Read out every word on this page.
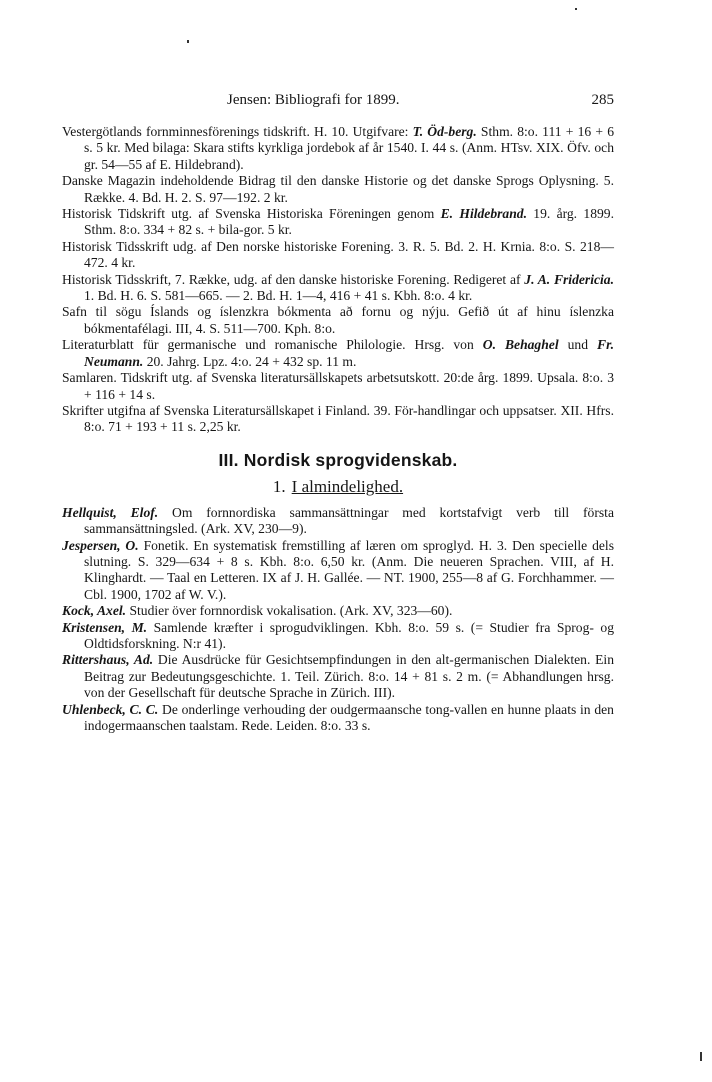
Jensen: Bibliografi for 1899.	285

Vestergötlands fornminnesförenings tidskrift. H. 10. Utgifvare: T. Öd-berg. Sthm. 8:o. 111 + 16 + 6 s. 5 kr. Med bilaga: Skara stifts kyrkliga jordebok af år 1540. I. 44 s. (Anm. HTsv. XIX. Öfv. och gr. 54—55 af E. Hildebrand).

Danske Magazin indeholdende Bidrag til den danske Historie og det danske Sprogs Oplysning. 5. Række. 4. Bd. H. 2. S. 97—192. 2 kr.

Historisk Tidskrift utg. af Svenska Historiska Föreningen genom E. Hildebrand. 19. årg. 1899. Sthm. 8:o. 334 + 82 s. + bila-gor. 5 kr.

Historisk Tidsskrift udg. af Den norske historiske Forening. 3. R. 5. Bd. 2. H. Krnia. 8:o. S. 218—472. 4 kr.

Historisk Tidsskrift, 7. Række, udg. af den danske historiske Forening. Redigeret af J. A. Fridericia. 1. Bd. H. 6. S. 581—665. — 2. Bd. H. 1—4, 416 + 41 s. Kbh. 8:o. 4 kr.

Safn til sögu Íslands og íslenzkra bókmenta að fornu og nýju. Gefið út af hinu íslenzka bókmentafélagi. III, 4. S. 511—700. Kph. 8:o.

Literaturblatt für germanische und romanische Philologie. Hrsg. von O. Behaghel und Fr. Neumann. 20. Jahrg. Lpz. 4:o. 24 + 432 sp. 11 m.

Samlaren. Tidskrift utg. af Svenska literatursällskapets arbetsutskott. 20:de årg. 1899. Upsala. 8:o. 3 + 116 + 14 s.

Skrifter utgifna af Svenska Literatursällskapet i Finland. 39. För-handlingar och uppsatser. XII. Hfrs. 8:o. 71 + 193 + 11 s. 2,25 kr.

III. Nordisk sprogvidenskab.
1. I almindelighed.

Hellquist, Elof. Om fornnordiska sammansättningar med kortstafvigt verb till första sammansättningsled. (Ark. XV, 230—9).

Jespersen, O. Fonetik. En systematisk fremstilling af læren om sproglyd. H. 3. Den specielle dels slutning. S. 329—634 + 8 s. Kbh. 8:o. 6,50 kr. (Anm. Die neueren Sprachen. VIII, af H. Klinghardt. — Taal en Letteren. IX af J. H. Gallée. — NT. 1900, 255—8 af G. Forchhammer. — Cbl. 1900, 1702 af W. V.).

Kock, Axel. Studier över fornnordisk vokalisation. (Ark. XV, 323—60).

Kristensen, M. Samlende kræfter i sprogudviklingen. Kbh. 8:o. 59 s. (= Studier fra Sprog- og Oldtidsforskning. N:r 41).

Rittershaus, Ad. Die Ausdrücke für Gesichtsempfindungen in den alt-germanischen Dialekten. Ein Beitrag zur Bedeutungsgeschichte. 1. Teil. Zürich. 8:o. 14 + 81 s. 2 m. (= Abhandlungen hrsg. von der Gesellschaft für deutsche Sprache in Zürich. III).

Uhlenbeck, C. C. De onderlinge verhouding der oudgermaansche tong-vallen en hunne plaats in den indogermaanschen taalstam. Rede. Leiden. 8:o. 33 s.
